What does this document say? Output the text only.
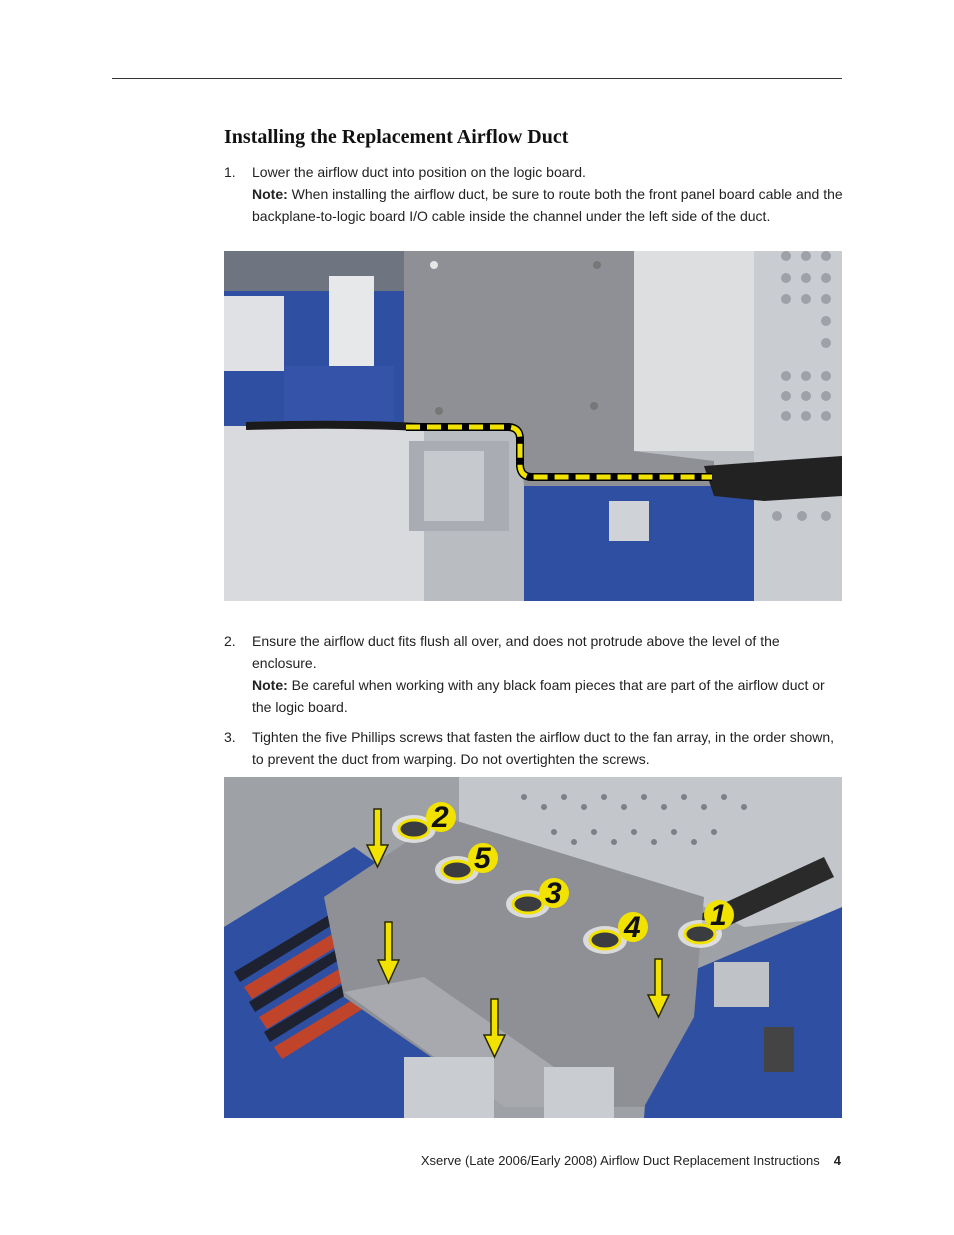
Installing the Replacement Airflow Duct
1.	Lower the airflow duct into position on the logic board.
Note: When installing the airflow duct, be sure to route both the front panel board cable and the backplane-to-logic board I/O cable inside the channel under the left side of the duct.
2.	Ensure the airflow duct fits flush all over, and does not protrude above the level of the enclosure.
Note: Be careful when working with any black foam pieces that are part of the airflow duct or the logic board.
3.	Tighten the five Phillips screws that fasten the airflow duct to the fan array, in the order shown, to prevent the duct from warping. Do not overtighten the screws.
2
5
3
4 1
Xserve (Late 2006/Early 2008) Airflow Duct Replacement Instructions 4
